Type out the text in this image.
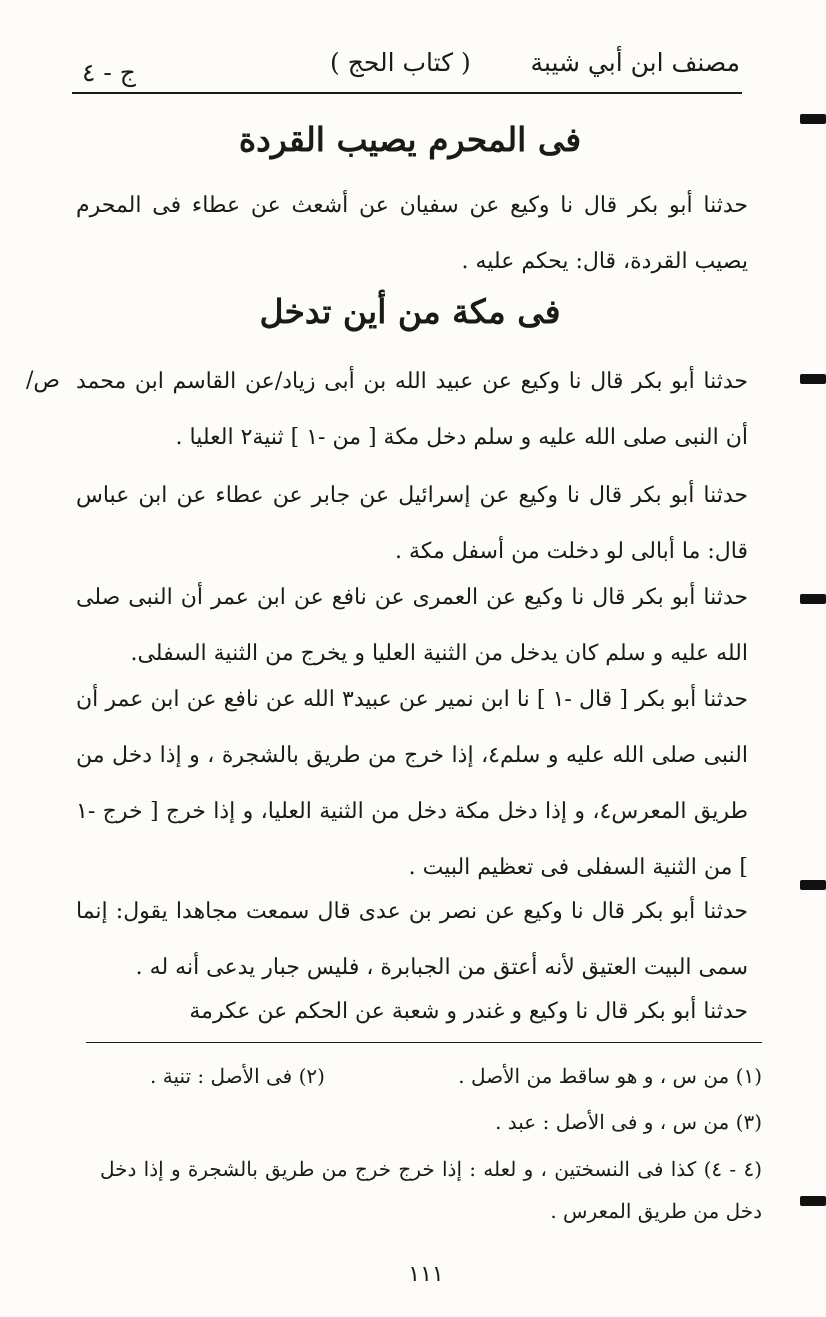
مصنف ابن أبي شيبة
( كتاب الحج )
ج - ٤
فى المحرم يصيب القردة
حدثنا أبو بكر قال نا وكيع عن سفيان عن أشعث عن عطاء فى المحرم يصيب القردة، قال: يحكم عليه .
فى مكة من أين تدخل
حدثنا أبو بكر قال نا وكيع عن عبيد الله بن أبى زياد/عن القاسم ابن محمد أن النبى صلى الله عليه و سلم دخل مكة [ من -١ ] ثنية٢ العليا .
حدثنا أبو بكر قال نا وكيع عن إسرائيل عن جابر عن عطاء عن ابن عباس قال: ما أبالى لو دخلت من أسفل مكة .
حدثنا أبو بكر قال نا وكيع عن العمرى عن نافع عن ابن عمر أن النبى صلى الله عليه و سلم كان يدخل من الثنية العليا و يخرج من الثنية السفلى.
حدثنا أبو بكر [ قال -١ ] نا ابن نمير عن عبيد٣ الله عن نافع عن ابن عمر أن النبى صلى الله عليه و سلم٤، إذا خرج من طريق بالشجرة ، و إذا دخل من طريق المعرس٤، و إذا دخل مكة دخل من الثنية العليا، و إذا خرج [ خرج -١ ] من الثنية السفلى فى تعظيم البيت .
حدثنا أبو بكر قال نا وكيع عن نصر بن عدى قال سمعت مجاهدا يقول: إنما سمى البيت العتيق لأنه أعتق من الجبابرة ، فليس جبار يدعى أنه له .
حدثنا أبو بكر قال نا وكيع و غندر و شعبة عن الحكم عن عكرمة
ص/
(١) من س ، و هو ساقط من الأصل .
(٢) فى الأصل : تنية .
(٣) من س ، و فى الأصل : عبد .
(٤ - ٤) كذا فى النسختين ، و لعله : إذا خرج خرج من طريق بالشجرة و إذا دخل دخل من طريق المعرس .
١١١
